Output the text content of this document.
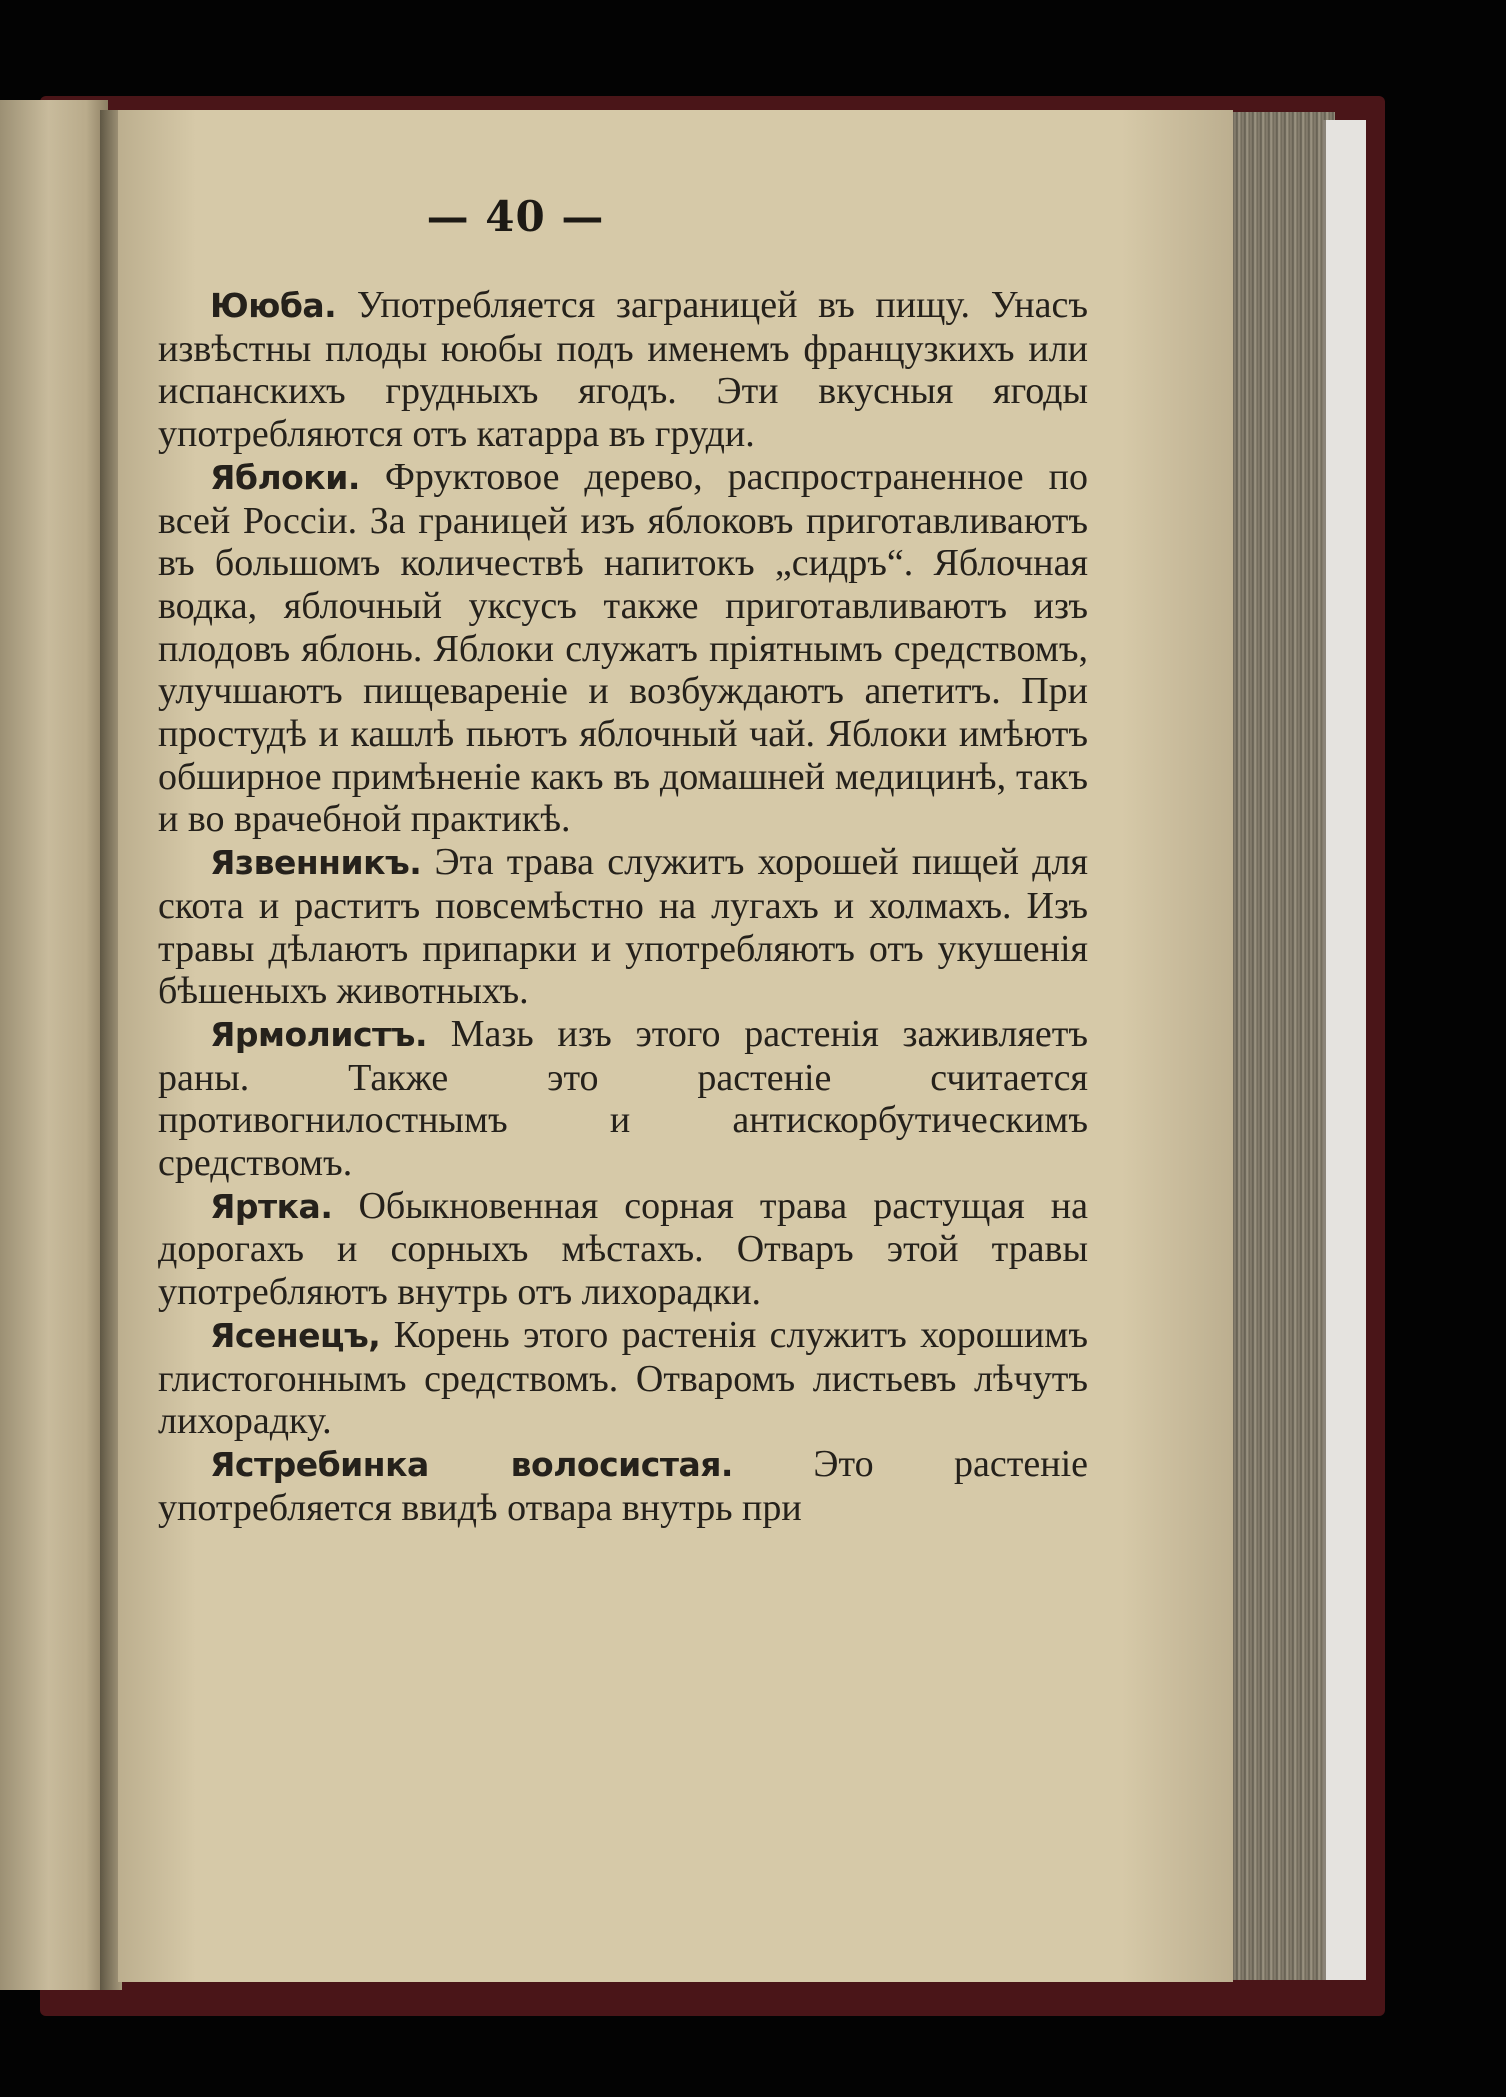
— 40 —

Ююба. Употребляется заграницей въ пищу. Унасъ извѣстны плоды ююбы подъ именемъ французкихъ или испанскихъ грудныхъ ягодъ. Эти вкусныя ягоды употребляются отъ катарра въ груди.

Яблоки. Фруктовое дерево, распространенное по всей Россiи. За границей изъ яблоковъ приготавливаютъ въ большомъ количествѣ напитокъ „сидръ“. Яблочная водка, яблочный уксусъ также приготавливаютъ изъ плодовъ яблонь. Яблоки служатъ прiятнымъ средствомъ, улучшаютъ пищеваренiе и возбуждаютъ апетитъ. При простудѣ и кашлѣ пьютъ яблочный чай. Яблоки имѣютъ обширное примѣненiе какъ въ домашней медицинѣ, такъ и во врачебной практикѣ.

Язвенникъ. Эта трава служитъ хорошей пищей для скота и раститъ повсемѣстно на лугахъ и холмахъ. Изъ травы дѣлаютъ припарки и употребляютъ отъ укушенiя бѣшеныхъ животныхъ.

Ярмолистъ. Мазь изъ этого растенiя заживляетъ раны. Также это растенiе считается противогнилостнымъ и антискорбутическимъ средствомъ.

Яртка. Обыкновенная сорная трава растущая на дорогахъ и сорныхъ мѣстахъ. Отваръ этой травы употребляютъ внутрь отъ лихорадки.

Ясенецъ, Корень этого растенiя служитъ хорошимъ глистогоннымъ средствомъ. Отваромъ листьевъ лѣчутъ лихорадку.

Ястребинка волосистая. Это растенiе употребляется ввидѣ отвара внутрь при
